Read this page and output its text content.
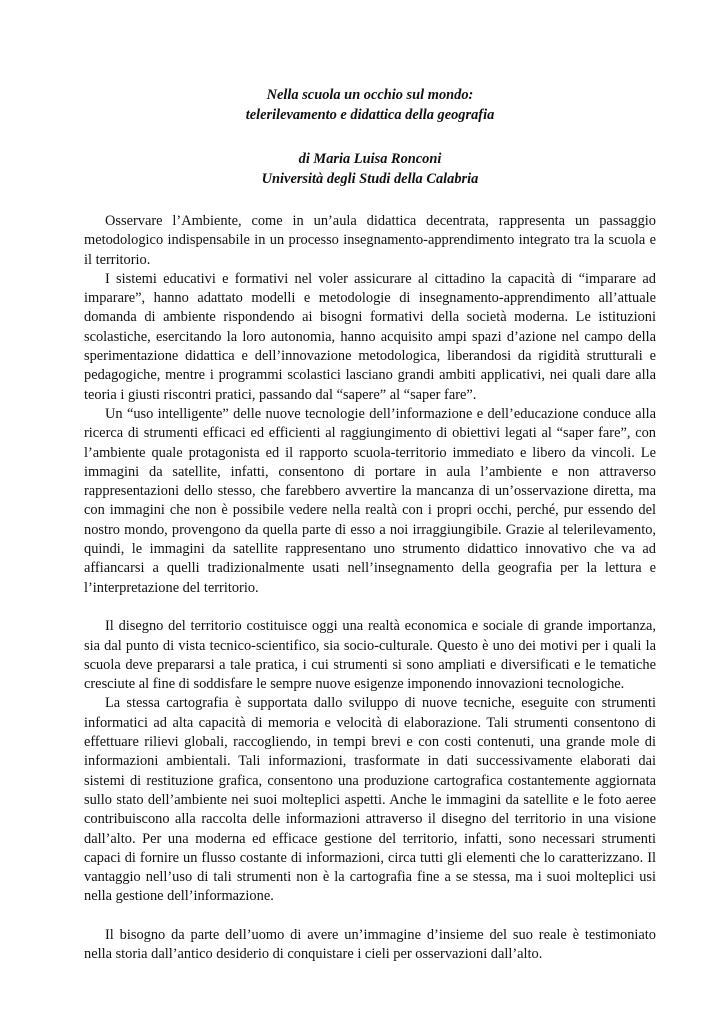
Nella scuola un occhio sul mondo:

telerilevamento e didattica della geografia

di Maria Luisa Ronconi

Università degli Studi della Calabria

Osservare l’Ambiente, come in un’aula didattica decentrata, rappresenta un passaggio metodologico indispensabile in un processo insegnamento-apprendimento integrato tra la scuola e il territorio.

I sistemi educativi e formativi nel voler assicurare al cittadino la capacità di “imparare ad imparare”, hanno adattato modelli e metodologie di insegnamento-apprendimento all’attuale domanda di ambiente rispondendo ai bisogni formativi della società moderna. Le istituzioni scolastiche, esercitando la loro autonomia, hanno acquisito ampi spazi d’azione nel campo della sperimentazione didattica e dell’innovazione metodologica, liberandosi da rigidità strutturali e pedagogiche, mentre i programmi scolastici lasciano grandi ambiti applicativi, nei quali dare alla teoria i giusti riscontri pratici, passando dal “sapere” al “saper fare”.

Un “uso intelligente” delle nuove tecnologie dell’informazione e dell’educazione conduce alla ricerca di strumenti efficaci ed efficienti al raggiungimento di obiettivi legati al “saper fare”, con l’ambiente quale protagonista ed il rapporto scuola-territorio immediato e libero da vincoli. Le immagini da satellite, infatti, consentono di portare in aula l’ambiente e non attraverso rappresentazioni dello stesso, che farebbero avvertire la mancanza di un’osservazione diretta, ma con immagini che non è possibile vedere nella realtà con i propri occhi, perché, pur essendo del nostro mondo, provengono da quella parte di esso a noi irraggiungibile. Grazie al telerilevamento, quindi, le immagini da satellite rappresentano uno strumento didattico innovativo che va ad affiancarsi a quelli tradizionalmente usati nell’insegnamento della geografia per la lettura e l’interpretazione del territorio.

Il disegno del territorio costituisce oggi una realtà economica e sociale di grande importanza, sia dal punto di vista tecnico-scientifico, sia socio-culturale. Questo è uno dei motivi per i quali la scuola deve prepararsi a tale pratica, i cui strumenti si sono ampliati e diversificati e le tematiche cresciute al fine di soddisfare le sempre nuove esigenze imponendo innovazioni tecnologiche.

La stessa cartografia è supportata dallo sviluppo di nuove tecniche, eseguite con strumenti informatici ad alta capacità di memoria e velocità di elaborazione. Tali strumenti consentono di effettuare rilievi globali, raccogliendo, in tempi brevi e con costi contenuti, una grande mole di informazioni ambientali. Tali informazioni, trasformate in dati successivamente elaborati dai sistemi di restituzione grafica, consentono una produzione cartografica costantemente aggiornata sullo stato dell’ambiente nei suoi molteplici aspetti. Anche le immagini da satellite e le foto aeree contribuiscono alla raccolta delle informazioni attraverso il disegno del territorio in una visione dall’alto. Per una moderna ed efficace gestione del territorio, infatti, sono necessari strumenti capaci di fornire un flusso costante di informazioni, circa tutti gli elementi che lo caratterizzano. Il vantaggio nell’uso di tali strumenti non è la cartografia fine a se stessa, ma i suoi molteplici usi nella gestione dell’informazione.

Il bisogno da parte dell’uomo di avere un’immagine d’insieme del suo reale è testimoniato nella storia dall’antico desiderio di conquistare i cieli per osservazioni dall’alto.
